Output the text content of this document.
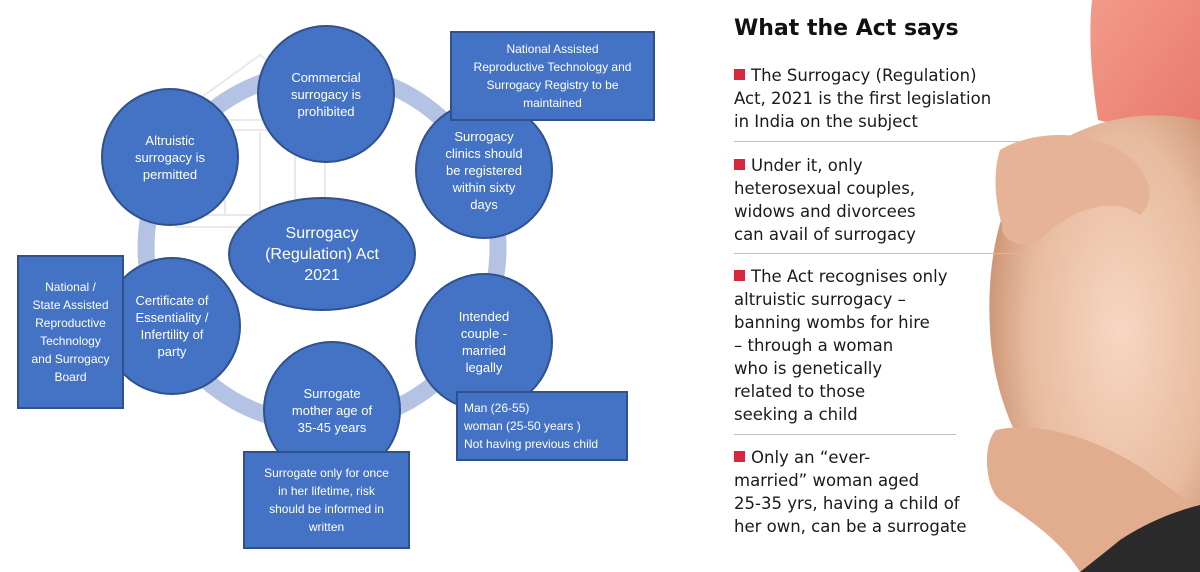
Surrogacy
(Regulation) Act
2021
Commercial
surrogacy is
prohibited
Surrogacy
clinics should
be registered
within sixty
days
Intended
couple -
married
legally
Surrogate
mother age of
35-45 years
Certificate of
Essentiality /
Infertility of
party
Altruistic
surrogacy is
permitted
National Assisted
Reproductive Technology and
Surrogacy Registry to be
maintained
Man (26-55)
woman (25-50 years )
Not having previous child
Surrogate only for once
in her lifetime, risk
should be informed in
written
National /
State Assisted
Reproductive
Technology
and Surrogacy
Board
What the Act says
The Surrogacy (Regulation)
Act, 2021 is the first legislation
in India on the subject
Under it, only
heterosexual couples,
widows and divorcees
can avail of surrogacy
The Act recognises only
altruistic surrogacy –
banning wombs for hire
– through a woman
who is genetically
related to those
seeking a child
Only an “ever-
married” woman aged
25-35 yrs, having a child of
her own, can be a surrogate
